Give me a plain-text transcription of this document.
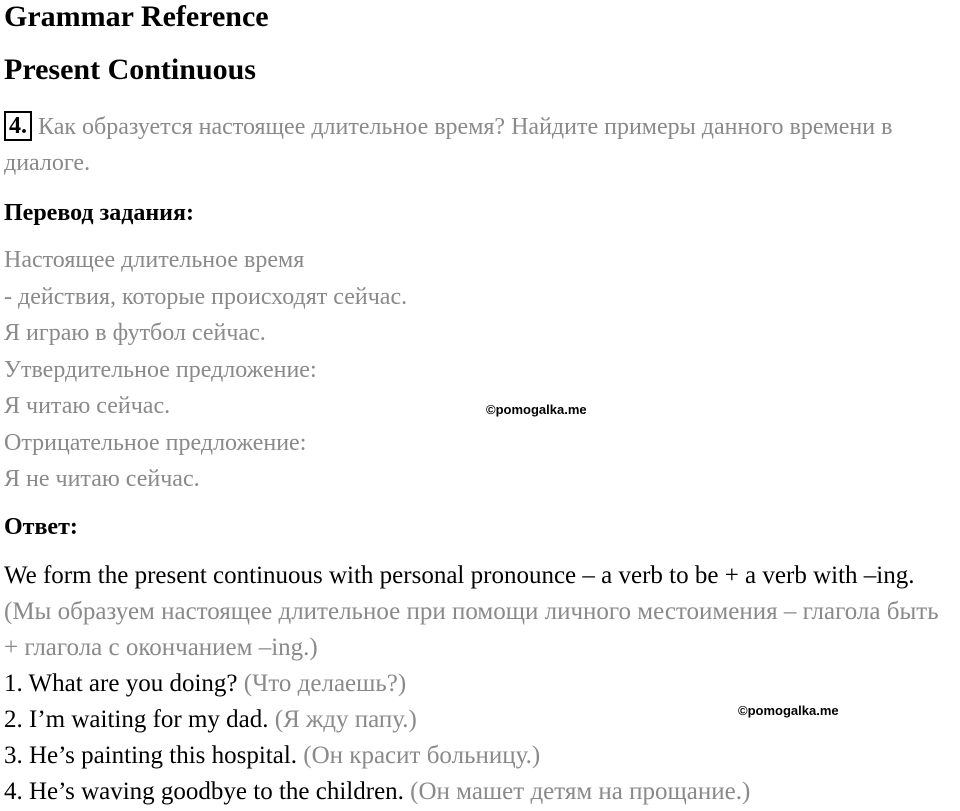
Grammar Reference
Present Continuous
4. Как образуется настоящее длительное время? Найдите примеры данного времени в диалоге.
Перевод задания:
Настоящее длительное время
- действия, которые происходят сейчас.
Я играю в футбол сейчас.
Утвердительное предложение:
Я читаю сейчас.
Отрицательное предложение:
Я не читаю сейчас.
©pomogalka.me
Ответ:
We form the present continuous with personal pronounce – a verb to be + a verb with –ing. (Мы образуем настоящее длительное при помощи личного местоимения – глагола быть + глагола с окончанием –ing.)
1. What are you doing? (Что делаешь?)
2. I’m waiting for my dad. (Я жду папу.)
3. He’s painting this hospital. (Он красит больницу.)
4. He’s waving goodbye to the children. (Он машет детям на прощание.)
©pomogalka.me
